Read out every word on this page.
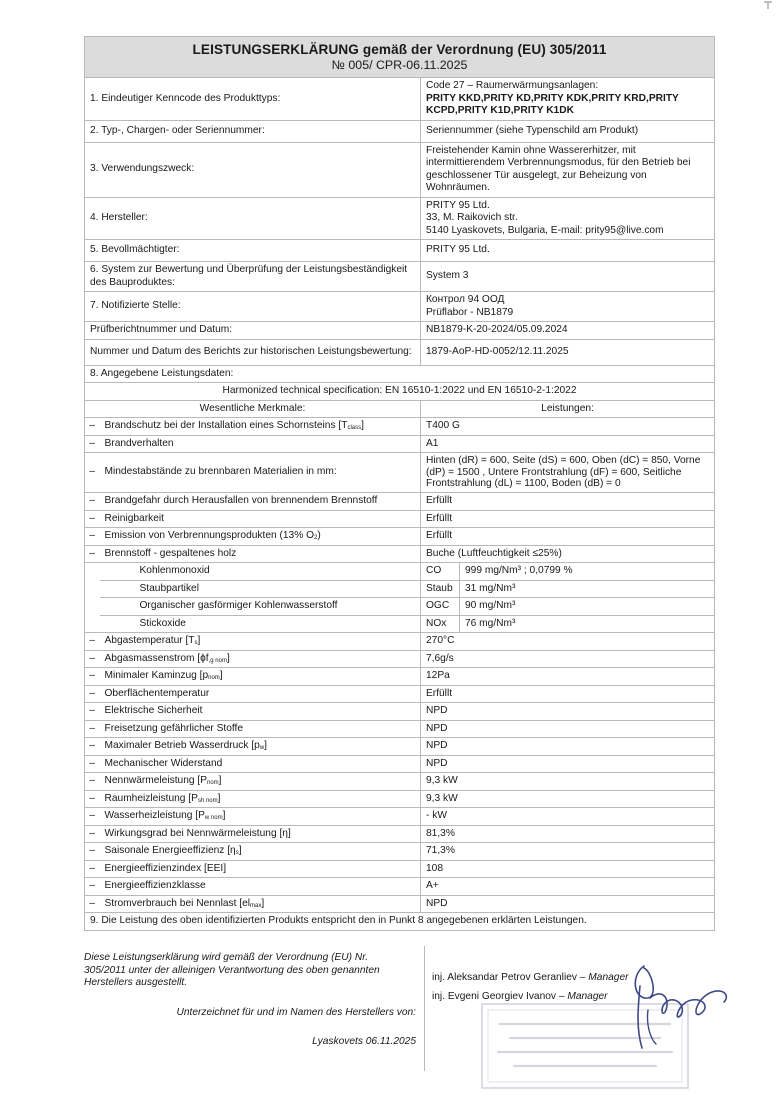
LEISTUNGSERKLÄRUNG gemäß der Verordnung (EU) 305/2011
№ 005/ CPR-06.11.2025			

1. Eindeutiger Kenncode des Produkttyps:		Code 27 – Raumerwärmungsanlagen:
PRITY KKD,PRITY KD,PRITY KDK,PRITY KRD,PRITY KCPD,PRITY K1D,PRITY K1DK	

2. Typ-, Chargen- oder Seriennummer:		Seriennummer (siehe Typenschild am Produkt)	
3. Verwendungszweck:		Freistehender Kamin ohne Wassererhitzer, mit intermittierendem Verbrennungsmodus, für den Betrieb bei geschlossener Tür ausgelegt, zur Beheizung von Wohnräumen.	
4. Hersteller:		PRITY 95 Ltd.
33, M. Raikovich str.
5140 Lyaskovets, Bulgaria, E-mail: prity95@live.com	

5. Bevollmächtigter:		PRITY 95 Ltd.	
6. System zur Bewertung und Überprüfung der Leistungsbeständigkeit des Bauproduktes:		System 3	
7. Notifizierte Stelle:		Контрол 94 ООД
Prüflabor - NB1879	

Prüfberichtnummer und Datum:		NB1879-K-20-2024/05.09.2024	
Nummer und Datum des Berichts zur historischen Leistungsbewertung:		1879-AoP-HD-0052/12.11.2025	
8. Angegebene Leistungsdaten:			
Harmonized technical specification: EN 16510-1:2022 und EN 16510-2-1:2022			
Wesentliche Merkmale:		Leistungen:	
–	Brandschutz bei der Installation eines Schornsteins $[T_{class}]$	T400 G	
–	Brandverhalten	A1	
–	Mindestabstände zu brennbaren Materialien in mm:	Hinten (dR) = 600, Seite (dS) = 600, Oben (dC) = 850, Vorne (dP) = 1500 , Untere Frontstrahlung (dF) = 600, Seitliche Frontstrahlung (dL) = 1100, Boden (dB) = 0	
–	Brandgefahr durch Herausfallen von brennendem Brennstoff	Erfüllt	
–	Reinigbarkeit	Erfüllt	
–	Emission von Verbrennungsprodukten (13% $O_2$)	Erfüllt	
–	Brennstoff - gespaltenes holz	Buche (Luftfeuchtigkeit ≤25%)	
	Kohlenmonoxid	CO	999 mg/Nm³ ; 0,0799 %
	Staubpartikel	Staub	31 mg/Nm³
	Organischer gasförmiger Kohlenwasserstoff	OGC	90 mg/Nm³
	Stickoxide	NOx	76 mg/Nm³
–	Abgastemperatur $[T_s]$	270°C	
–	Abgasmassenstrom [ɸf$_{,g nom}$]	7,6g/s	
–	Minimaler Kaminzug $[p_{nom}]$	12Pa	
–	Oberflächentemperatur	Erfüllt	
–	Elektrische Sicherheit	NPD	
–	Freisetzung gefährlicher Stoffe	NPD	
–	Maximaler Betrieb Wasserdruck $[p_w]$	NPD	
–	Mechanischer Widerstand	NPD	
–	Nennwärmeleistung $[P_{nom}]$	9,3 kW	
–	Raumheizleistung $[P_{sh nom}]$	9,3 kW	
–	Wasserheizleistung $[P_{w nom}]$	- kW	
–	Wirkungsgrad bei Nennwärmeleistung [η]	81,3%	
–	Saisonale Energieeffizienz $[\eta_s]$	71,3%	
–	Energieeffizienzindex [EEI]	108	
–	Energieeffizienzklasse	A+	
–	Stromverbrauch bei Nennlast $[el_{max}]$	NPD	
9. Die Leistung des oben identifizierten Produkts entspricht den in Punkt 8 angegebenen erklärten Leistungen.			
Diese Leistungserklärung wird gemäß der Verordnung (EU) Nr. 305/2011 unter der alleinigen Verantwortung des oben genannten Herstellers ausgestellt.
Unterzeichnet für und im Namen des Herstellers von:
Lyaskovets 06.11.2025
inj. Aleksandar Petrov Geranliev – Manager
inj. Evgeni Georgiev Ivanov – Manager
